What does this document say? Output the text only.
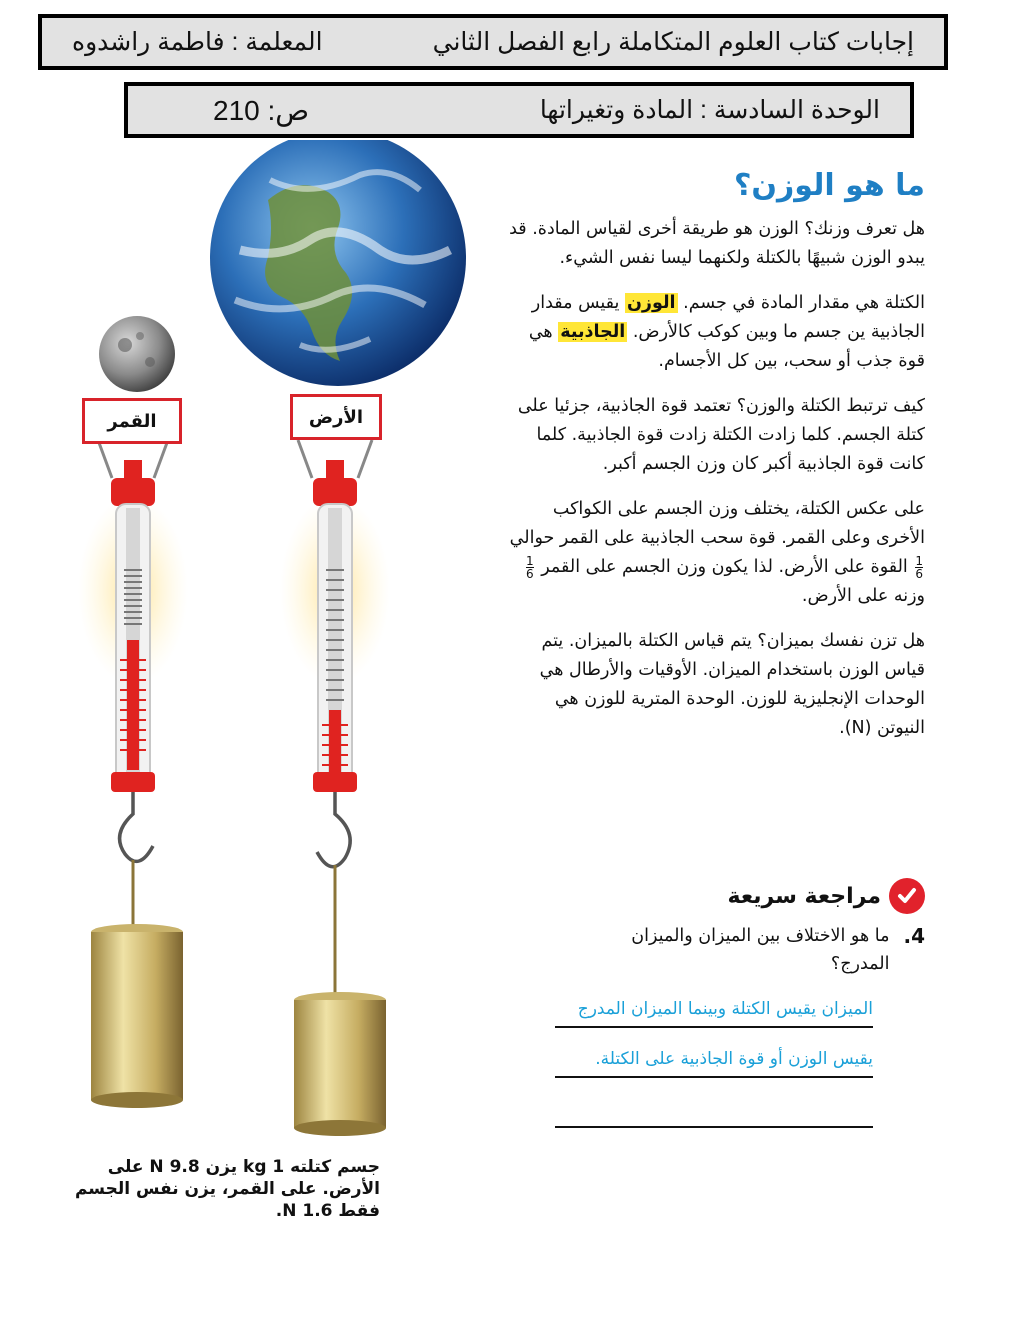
إجابات كتاب العلوم المتكاملة رابع الفصل الثاني
المعلمة : فاطمة راشدوه
الوحدة السادسة : المادة وتغيراتها
ص: 210
الأرض
القمر
جسم كتلته 1 kg يزن 9.8 N على الأرض. على القمر، يزن نفس الجسم فقط 1.6 N.
ما هو الوزن؟

هل تعرف وزنك؟ الوزن هو طريقة أخرى لقياس المادة. قد يبدو الوزن شبيهًا بالكتلة ولكنهما ليسا نفس الشيء.

الكتلة هي مقدار المادة في جسم. الوزن يقيس مقدار الجاذبية ين جسم ما وبين كوكب كالأرض. الجاذبية هي قوة جذب أو سحب، بين كل الأجسام.

كيف ترتبط الكتلة والوزن؟ تعتمد قوة الجاذبية، جزئيا على كتلة الجسم. كلما زادت الكتلة زادت قوة الجاذبية. كلما كانت قوة الجاذبية أكبر كان وزن الجسم أكبر.

على عكس الكتلة، يختلف وزن الجسم على الكواكب الأخرى وعلى القمر. قوة سحب الجاذبية على القمر حوالي
$\frac{1}{6}$
القوة على الأرض. لذا يكون وزن الجسم على القمر
$\frac{1}{6}$
وزنه على الأرض.

هل تزن نفسك بميزان؟ يتم قياس الكتلة بالميزان. يتم قياس الوزن باستخدام الميزان. الأوقيات والأرطال هي الوحدات الإنجليزية للوزن. الوحدة المترية للوزن هي النيوتن (N).

مراجعة سريعة
4.
ما هو الاختلاف بين الميزان والميزان المدرج؟
الميزان يقيس الكتلة وبينما الميزان المدرج
يقيس الوزن أو قوة الجاذبية على الكتلة.
